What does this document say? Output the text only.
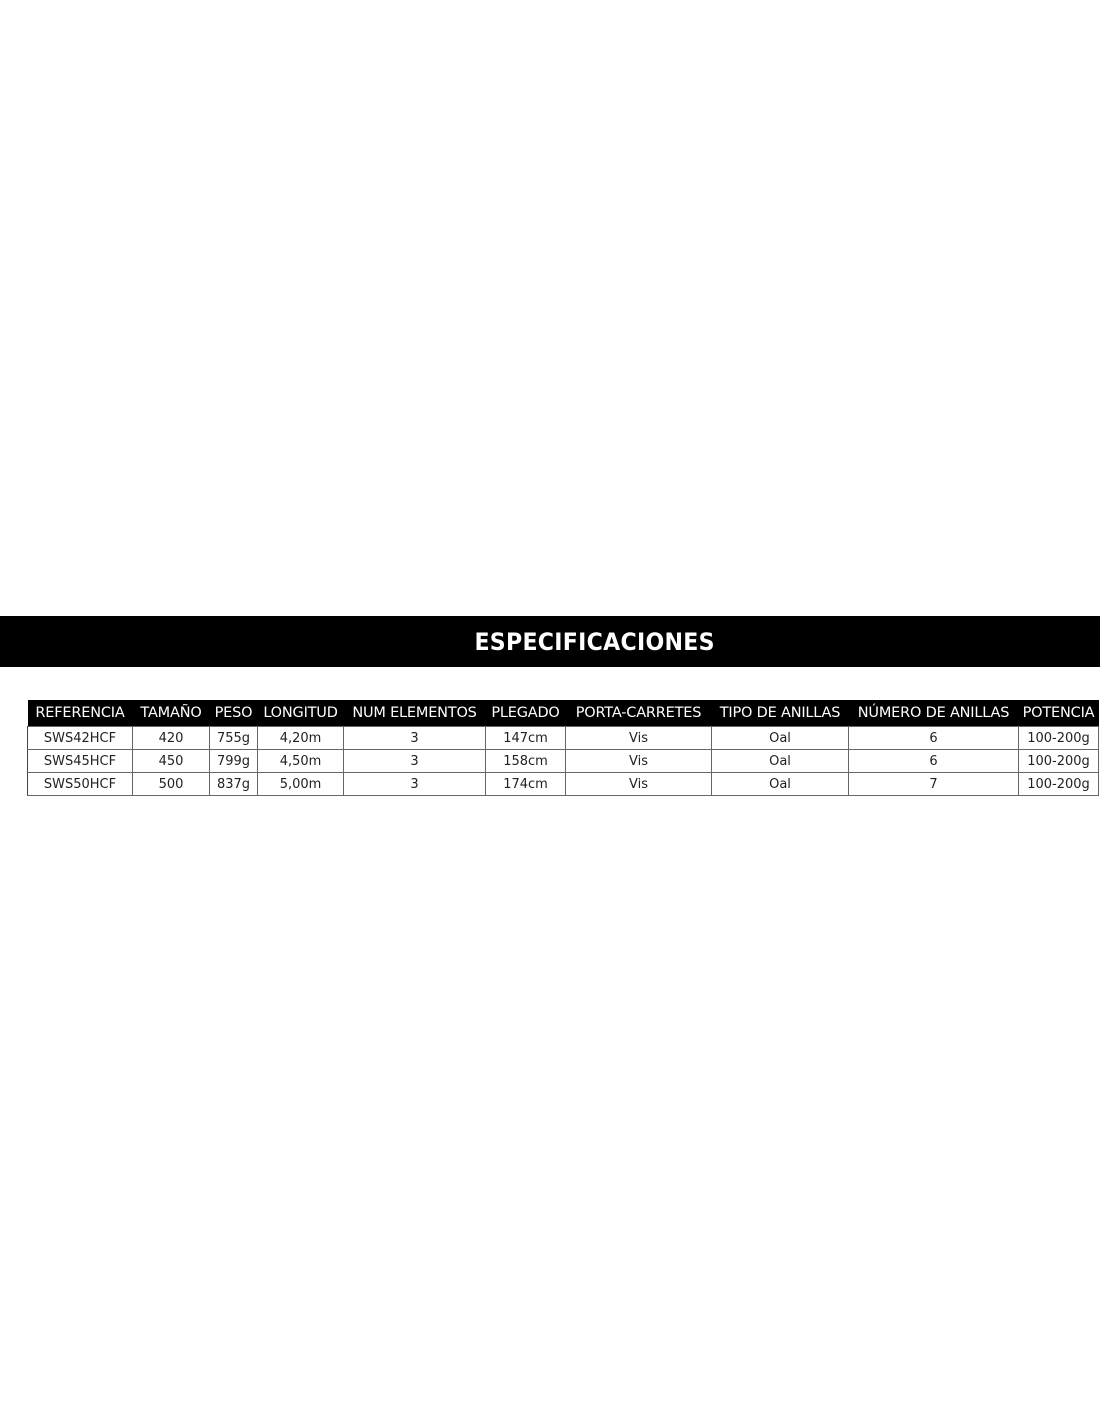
ESPECIFICACIONES
REFERENCIA	TAMAÑO	PESO	LONGITUD	NUM ELEMENTOS	PLEGADO	PORTA-CARRETES	TIPO DE ANILLAS	NÚMERO DE ANILLAS	POTENCIA
SWS42HCF	420	755g	4,20m	3	147cm	Vis	Oal	6	100-200g
SWS45HCF	450	799g	4,50m	3	158cm	Vis	Oal	6	100-200g
SWS50HCF	500	837g	5,00m	3	174cm	Vis	Oal	7	100-200g
